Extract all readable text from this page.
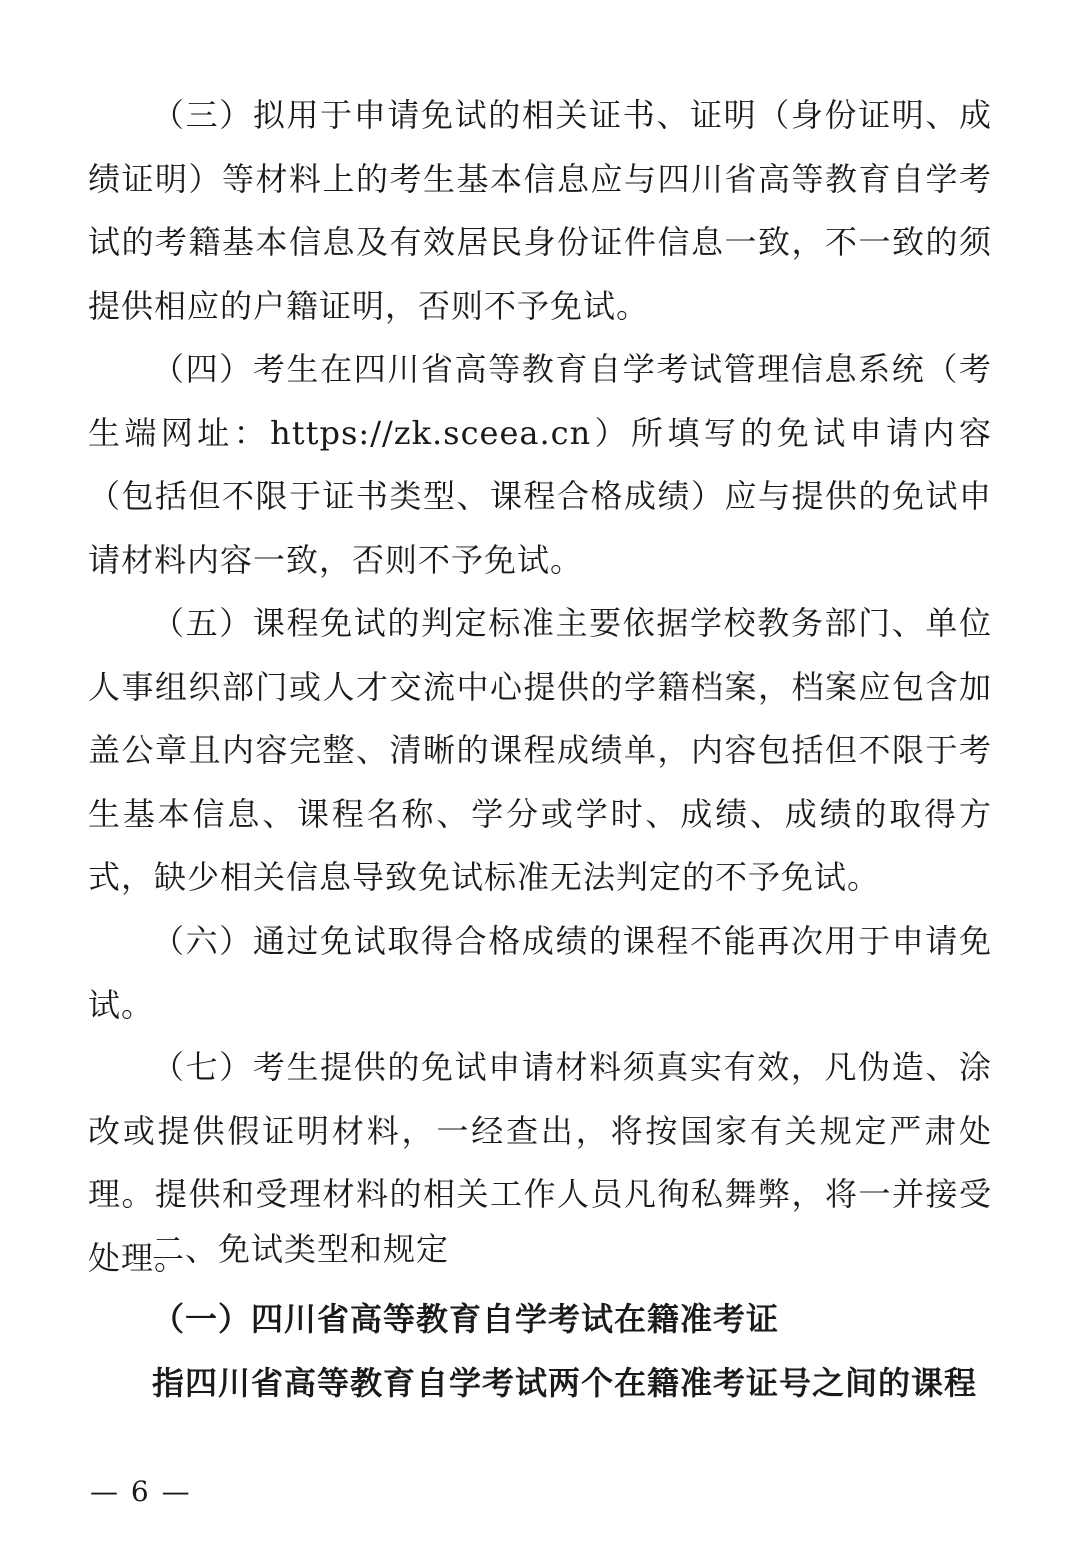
（三）拟用于申请免试的相关证书、证明（身份证明、成绩证明）等材料上的考生基本信息应与四川省高等教育自学考试的考籍基本信息及有效居民身份证件信息一致，不一致的须提供相应的户籍证明，否则不予免试。

（四）考生在四川省高等教育自学考试管理信息系统（考生端网址：https://zk.sceea.cn）所填写的免试申请内容（包括但不限于证书类型、课程合格成绩）应与提供的免试申请材料内容一致，否则不予免试。

（五）课程免试的判定标准主要依据学校教务部门、单位人事组织部门或人才交流中心提供的学籍档案，档案应包含加盖公章且内容完整、清晰的课程成绩单，内容包括但不限于考生基本信息、课程名称、学分或学时、成绩、成绩的取得方式，缺少相关信息导致免试标准无法判定的不予免试。

（六）通过免试取得合格成绩的课程不能再次用于申请免试。

（七）考生提供的免试申请材料须真实有效，凡伪造、涂改或提供假证明材料，一经查出，将按国家有关规定严肃处理。提供和受理材料的相关工作人员凡徇私舞弊，将一并接受处理。

二、免试类型和规定

（一）四川省高等教育自学考试在籍准考证

指四川省高等教育自学考试两个在籍准考证号之间的课程

— 6 —
